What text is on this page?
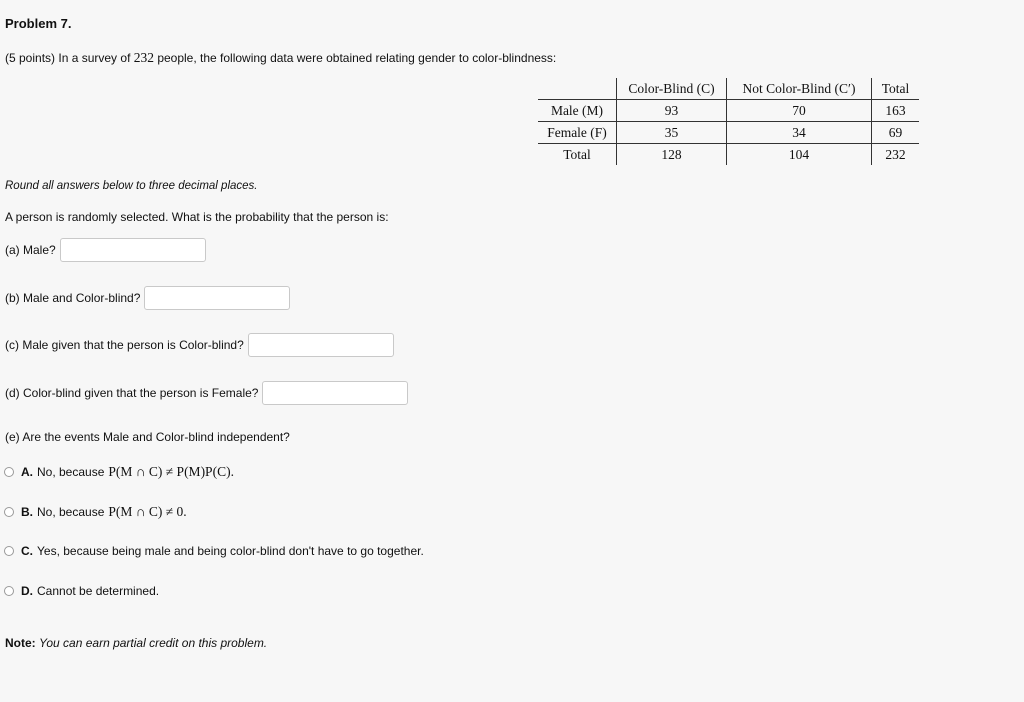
Problem 7.
(5 points) In a survey of 232 people, the following data were obtained relating gender to color-blindness:
	Color-Blind (C)	Not Color-Blind (C′)	Total
Male (M)	93	70	163
Female (F)	35	34	69
Total	128	104	232
Round all answers below to three decimal places.
A person is randomly selected. What is the probability that the person is:
(a) Male?
(b) Male and Color-blind?
(c) Male given that the person is Color-blind?
(d) Color-blind given that the person is Female?
(e) Are the events Male and Color-blind independent?
A. No, because P(M ∩ C) ≠ P(M)P(C).
B. No, because P(M ∩ C) ≠ 0.
C. Yes, because being male and being color-blind don't have to go together.
D. Cannot be determined.
Note: You can earn partial credit on this problem.
